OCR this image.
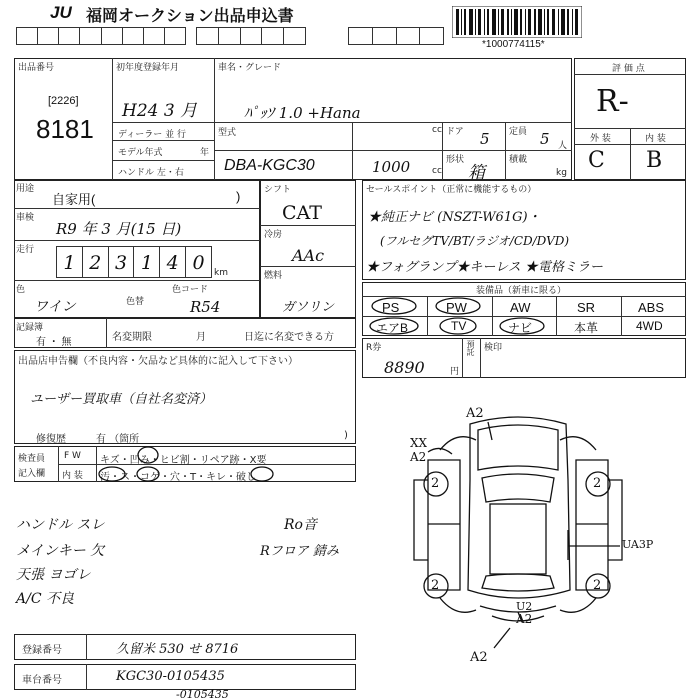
JU 福岡オークション出品申込書
*1000774115*
出品番号
[2226]
8181
初年度登録年月
H24 3 月
ディーラー 並 行
モデル年式	年
ハンドル 左・右
車名・グレード
ﾊﾟｯｿ 1.0 +Hana
型式
DBA-KGC30
cc
1000 cc
ドア 5 定員 5 人
形状
箱
積載
kg
評 価 点
R-
外 装	内 装
C B
用途
自家用(	)
車検
R9 年 3 月(15 日)
走行
1 2 3 1 4 0	km
色
ワイン	色替
色コード
R54
シフト
CAT
冷房
AAc
燃料
ガソリン
セールスポイント（正常に機能するもの）
★純正ナビ (NSZT-W61G)・
(フルセグTV/BT/ラジオ/CD/DVD)
★フォグランプ★キーレス ★電格ミラー
装備品（新車に限る）
PS	PW	AW	SR	ABS
エアB	TV	ナビ	本革	4WD
記録簿
有 ・ 無	名変期限	月	日迄に名変できる方
R券
8890	円
預託 検印
出品店申告欄（不良内容・欠品など具体的に記入して下さい）
ユーザー買取車（自社名変済）
修復歴	有 （箇所	)
検査員
記入欄
F W
内 装
キズ・凹み・ヒビ割・リペア跡・X要
汚・ス・コゲ・穴・T・キレ・破し
ハンドル スレ
メインキー 欠
天張 ヨゴレ
A/C 不良
Ro音
Rフロア 錆み
A2
XX
A2
2	2
2	2
UA3P
U2
A2
A2
登録番号	久留米 530 せ 8716
車台番号	KGC30-0105435
-0105435
